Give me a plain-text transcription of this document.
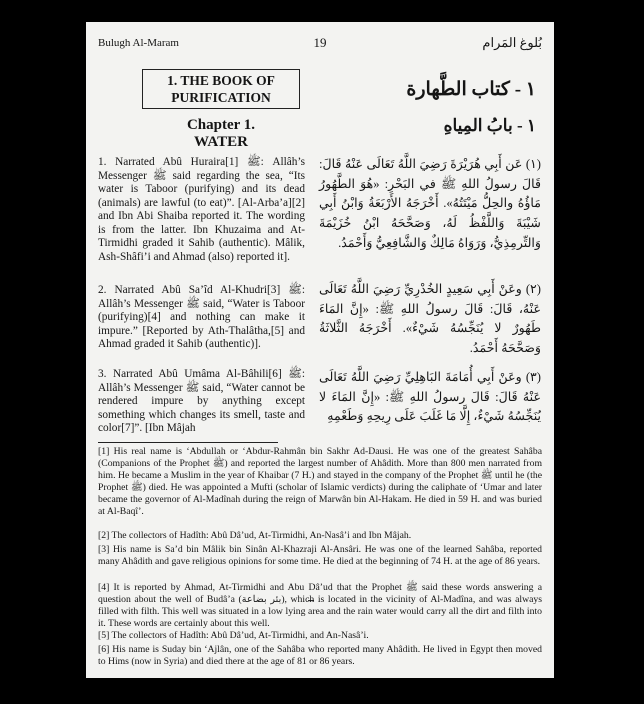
Bulugh Al-Maram	19	بُلوغ المَرام
1. THE BOOK OF PURIFICATION	١ - كتاب الطَّهارة
١ - بابُ المِياهِ
Chapter 1.
WATER

1. Narrated Abû Huraira[1] ﷺ: Allâh’s Messenger ﷺ said regarding the sea, “Its water is Taboor (purifying) and its dead (animals) are lawful (to eat)”. [Al-Arba’a][2] and Ibn Abi Shaiba reported it. The wording is from the latter. Ibn Khuzaima and At-Tirmidhi graded it Sahib (authentic). Mâlik, Ash-Shâfi’i and Ahmad (also) reported it].

2. Narrated Abû Sa’îd Al-Khudri[3] ﷺ: Allâh’s Messenger ﷺ said, “Water is Taboor (purifying)[4] and nothing can make it impure.” [Reported by Ath-Thalâtha,[5] and Ahmad graded it Sahib (authentic)].

3. Narrated Abû Umâma Al-Bâhili[6] ﷺ: Allâh’s Messenger ﷺ said, “Water cannot be rendered impure by anything except something which changes its smell, taste and color[7]”. [Ibn Mâjah

(١) عَن أَبِي هُرَيْرَةَ رَضِيَ اللَّهُ تَعَالَى عَنْهُ قَالَ: قَالَ رسولُ اللهِ ﷺ في البَحْرِ: «هُوَ الطَّهُورُ مَاؤُهُ والحِلُّ مَيْتَتُهُ». أَخْرَجَهُ الأَرْبَعَةُ وَابْنُ أَبِي شَيْبَةَ وَاللَّفْظُ لَهُ، وَصَحَّحَهُ ابْنُ خُزَيْمَةَ وَالتِّرمِذِيُّ، وَرَوَاهُ مَالِكٌ وَالشَّافِعِيُّ وَأَحْمَدُ.

(٢) وعَنْ أَبِي سَعِيدٍ الخُدْرِيِّ رَضِيَ اللَّهُ تَعَالَى عَنْهُ، قَالَ: قَالَ رسولُ اللهِ ﷺ: «إِنَّ المَاءَ طَهُورٌ لا يُنَجِّسُهُ شَيْءٌ». أَخْرَجَهُ الثَّلاثَةُ وَصَحَّحَهُ أَحْمَدُ.

(٣) وعَنْ أَبِي أُمَامَةَ البَاهِلِيِّ رَضِيَ اللَّهُ تَعَالَى عَنْهُ قَالَ: قَالَ رسولُ اللهِ ﷺ: «إِنَّ المَاءَ لا يُنَجِّسُهُ شَيْءٌ، إِلَّا مَا غَلَبَ عَلَى رِيحِهِ وَطَعْمِهِ

[1] His real name is ‘Abdullah or ‘Abdur-Rahmân bin Sakhr Ad-Dausi. He was one of the greatest Sahâba (Companions of the Prophet ﷺ) and reported the largest number of Ahâdith. More than 800 men narrated from him. He became a Muslim in the year of Khaibar (7 H.) and stayed in the company of the Prophet ﷺ until he (the Prophet ﷺ) died. He was appointed a Mufti (scholar of Islamic verdicts) during the caliphate of ‘Umar and later became the governor of Al-Madînah during the reign of Marwân bin Al-Hakam. He died in 59 H. and was buried at Al-Baqî’.
[2] The collectors of Hadîth: Abû Dâ’ud, At-Tirmidhi, An-Nasâ’i and Ibn Mâjah.
[3] His name is Sa’d bin Mâlik bin Sinân Al-Khazraji Al-Ansâri. He was one of the learned Sahâba, reported many Ahâdith and gave religious opinions for some time. He died at the beginning of 74 H. at the age of 86 years.
[4] It is reported by Ahmad, At-Tirmidhi and Abu Dâ’ud that the Prophet ﷺ said these words answering a question about the well of Budâ’a (بئر بضاعة), which is located in the vicinity of Al-Madîna, and was always filled with filth. This well was situated in a low lying area and the rain water would carry all the dirt and filth into it. These words are certainly about this well.
[5] The collectors of Hadîth: Abû Dâ’ud, At-Tirmidhi, and An-Nasâ’i.
[6] His name is Suday bin ‘Ajlân, one of the Sahâba who reported many Ahâdith. He lived in Egypt then moved to Hims (now in Syria) and died there at the age of 81 or 86 years.
